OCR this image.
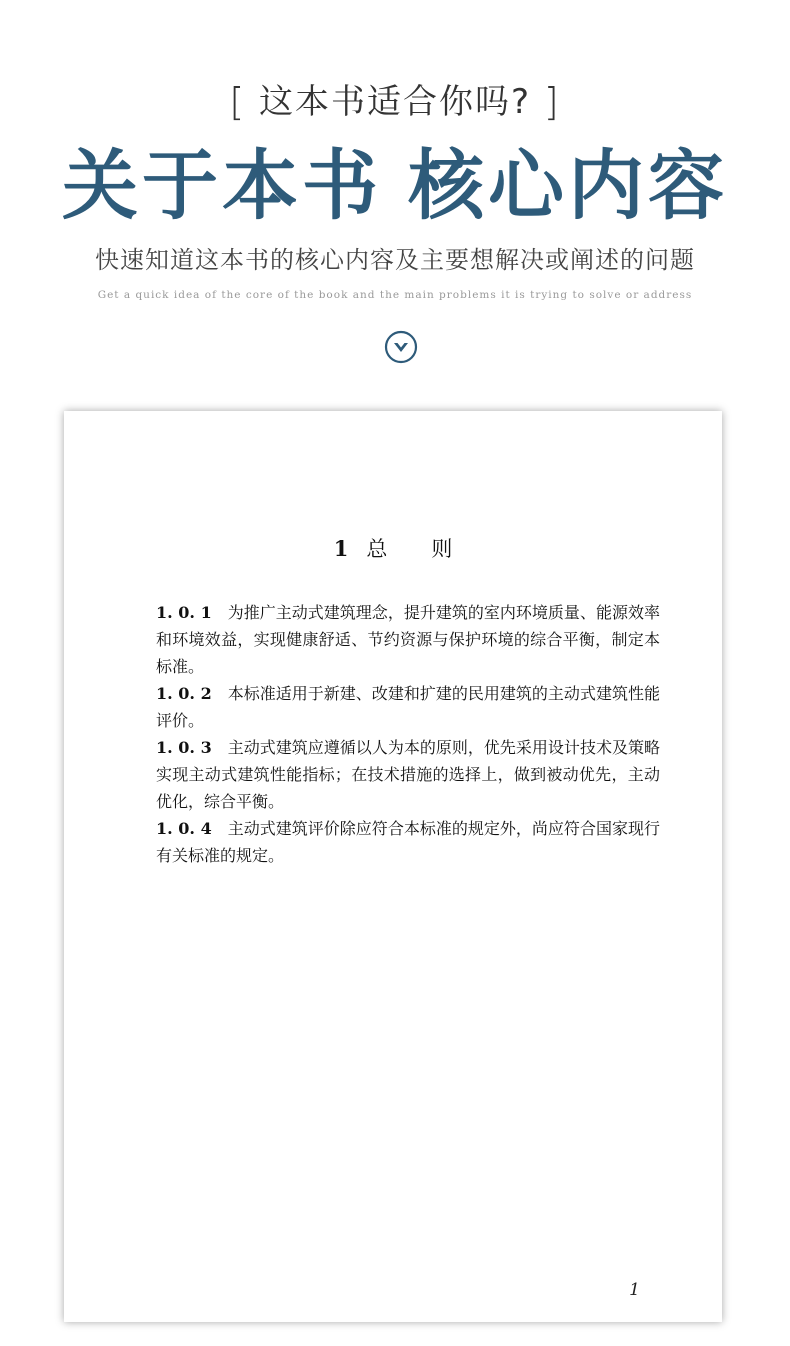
[ 这本书适合你吗? ]
关于本书 核心内容
快速知道这本书的核心内容及主要想解决或阐述的问题
Get a quick idea of the core of the book and the main problems it is trying to solve or address
1 总 则

1. 0. 1 为推广主动式建筑理念，提升建筑的室内环境质量、能源效率和环境效益，实现健康舒适、节约资源与保护环境的综合平衡，制定本标准。

1. 0. 2 本标准适用于新建、改建和扩建的民用建筑的主动式建筑性能评价。

1. 0. 3 主动式建筑应遵循以人为本的原则，优先采用设计技术及策略实现主动式建筑性能指标；在技术措施的选择上，做到被动优先，主动优化，综合平衡。

1. 0. 4 主动式建筑评价除应符合本标准的规定外，尚应符合国家现行有关标准的规定。

1
